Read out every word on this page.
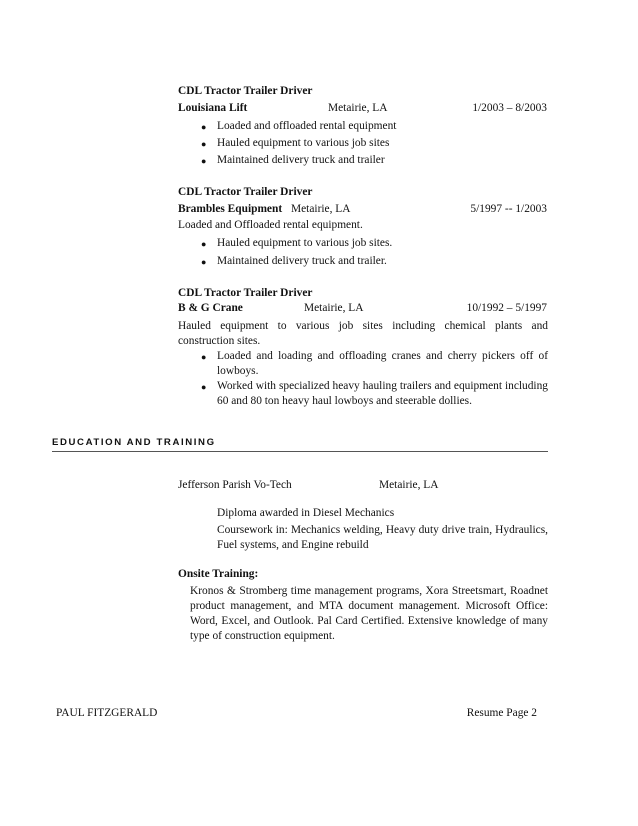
CDL Tractor Trailer Driver
Louisiana Lift	Metairie, LA	1/2003 – 8/2003
● Loaded and offloaded rental equipment
● Hauled equipment to various job sites
● Maintained delivery truck and trailer
CDL Tractor Trailer Driver
Brambles Equipment Metairie, LA	5/1997 -- 1/2003
Loaded and Offloaded rental equipment.
● Hauled equipment to various job sites.
● Maintained delivery truck and trailer.
CDL Tractor Trailer Driver
B & G Crane	Metairie, LA	10/1992 – 5/1997
Hauled equipment to various job sites including chemical plants and construction sites.
● Loaded and loading and offloading cranes and cherry pickers off of lowboys.
● Worked with specialized heavy hauling trailers and equipment including 60 and 80 ton heavy haul lowboys and steerable dollies.
EDUCATION AND TRAINING
Jefferson Parish Vo-Tech	Metairie, LA
Diploma awarded in Diesel Mechanics
Coursework in: Mechanics welding, Heavy duty drive train, Hydraulics, Fuel systems, and Engine rebuild
Onsite Training:
Kronos & Stromberg time management programs, Xora Streetsmart, Roadnet product management, and MTA document management. Microsoft Office: Word, Excel, and Outlook. Pal Card Certified. Extensive knowledge of many type of construction equipment.
PAUL FITZGERALD	Resume Page 2
